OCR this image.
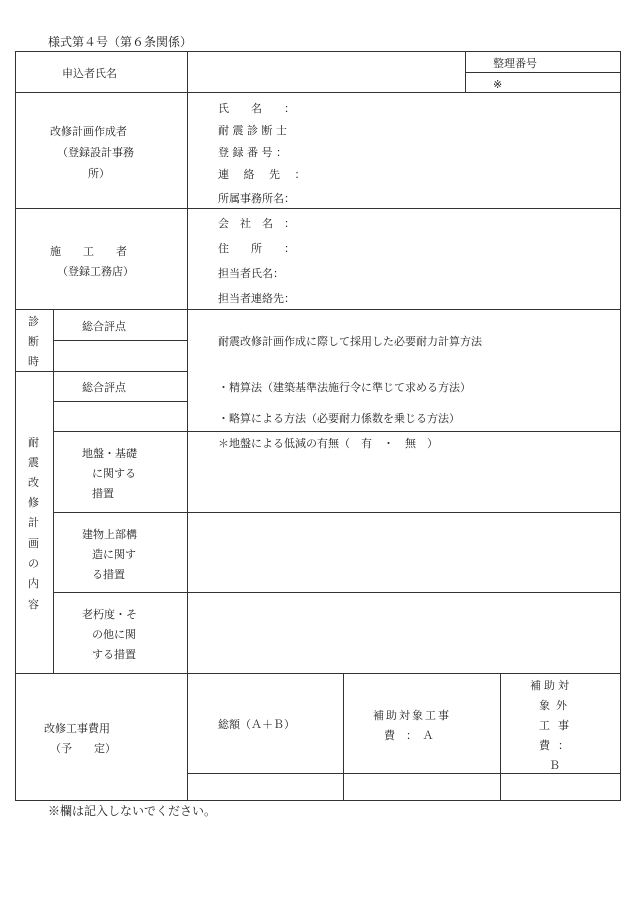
様式第４号（第６条関係）
※欄は記入しないでください。
申込者氏名
整理番号
※
改修計画作成者
（登録設計事務
所）
氏　　名　　：
耐 震 診 断 士
登 録 番 号 ：
連　 絡　 先　 ：
所属事務所名：
施　　工　　者
（登録工務店）
会　社　名　：
住　　所　　：
担当者氏名：
担当者連絡先：
診
断
時
総合評点
耐震改修計画作成に際して採用した必要耐力計算方法
耐
震
改
修
計
画
の
内
容
総合評点	・精算法（建築基準法施行令に準じて求める方法）
・略算による方法（必要耐力係数を乗じる方法）
＊地盤による低減の有無（　有　・　無　）
地盤・基礎
に関する
措置
建物上部構
造に関す
る措置
老朽度・そ
の他に関
する措置
改修工事費用
（予　　定）
総額（Ａ＋Ｂ）
補助対象工事
費　：　Ａ
補助対
象外
工事
費：
Ｂ
